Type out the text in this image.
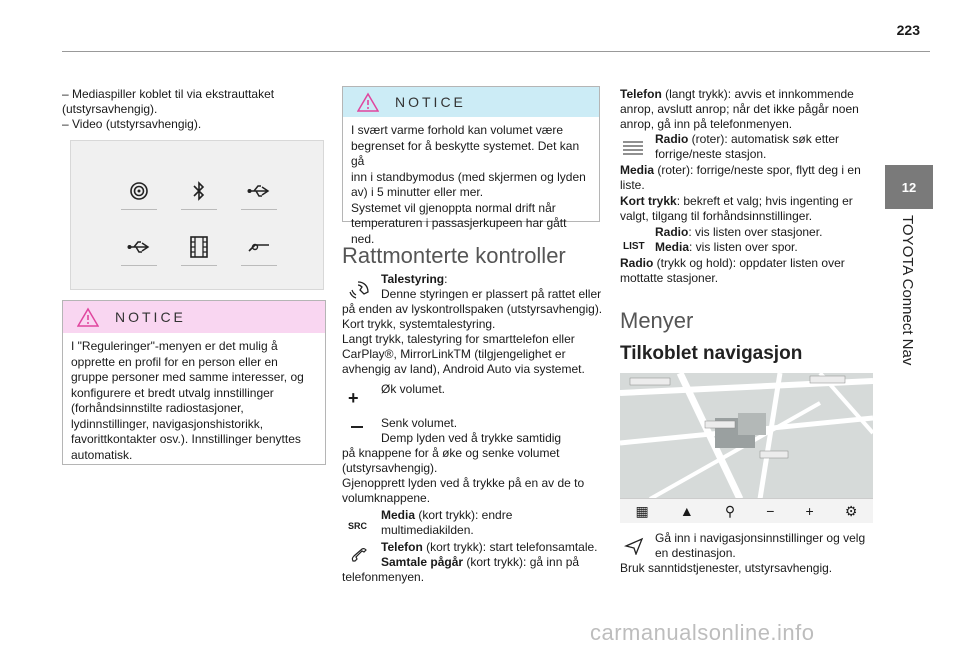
223
12
TOYOTA Connect Nav
– Mediaspiller koblet til via ekstrauttaket
(utstyrsavhengig).
– Video (utstyrsavhengig).
NOTICE
I "Reguleringer"-menyen er det mulig å
opprette en profil for en person eller en
gruppe personer med samme interesser, og
konfigurere et bredt utvalg innstillinger
(forhåndsinnstilte radiostasjoner,
lydinnstillinger, navigasjonshistorikk,
favorittkontakter osv.). Innstillinger benyttes
automatisk.
NOTICE
I svært varme forhold kan volumet være
begrenset for å beskytte systemet. Det kan gå
inn i standbymodus (med skjermen og lyden
av) i 5 minutter eller mer.
Systemet vil gjenoppta normal drift når
temperaturen i passasjerkupeen har gått ned.
Rattmonterte kontroller
Talestyring:
Denne styringen er plassert på rattet eller
på enden av lyskontrollspaken (utstyrsavhengig).
Kort trykk, systemtalestyring.
Langt trykk, talestyring for smarttelefon eller
CarPlay®, MirrorLinkTM (tilgjengelighet er
avhengig av land), Android Auto via systemet.
+ Øk volumet.
Senk volumet.
Demp lyden ved å trykke samtidig
på knappene for å øke og senke volumet
(utstyrsavhengig).
Gjenopprett lyden ved å trykke på en av de to
volumknappene.
SRC
Media (kort trykk): endre
multimediakilden.
Telefon (kort trykk): start telefonsamtale.
Samtale pågår (kort trykk): gå inn på
telefonmenyen.
Telefon (langt trykk): avvis et innkommende
anrop, avslutt anrop; når det ikke pågår noen
anrop, gå inn på telefonmenyen.
Radio (roter): automatisk søk etter
forrige/neste stasjon.
Media (roter): forrige/neste spor, flytt deg i en
liste.
Kort trykk: bekreft et valg; hvis ingenting er
valgt, tilgang til forhåndsinnstillinger.
LIST
Radio: vis listen over stasjoner.
Media: vis listen over spor.
Radio (trykk og hold): oppdater listen over
mottatte stasjoner.
Menyer
Tilkoblet navigasjon
▦ ▲ ⚲ − + ⚙
Gå inn i navigasjonsinnstillinger og velg
en destinasjon.
Bruk sanntidstjenester, utstyrsavhengig.
carmanualsonline.info
